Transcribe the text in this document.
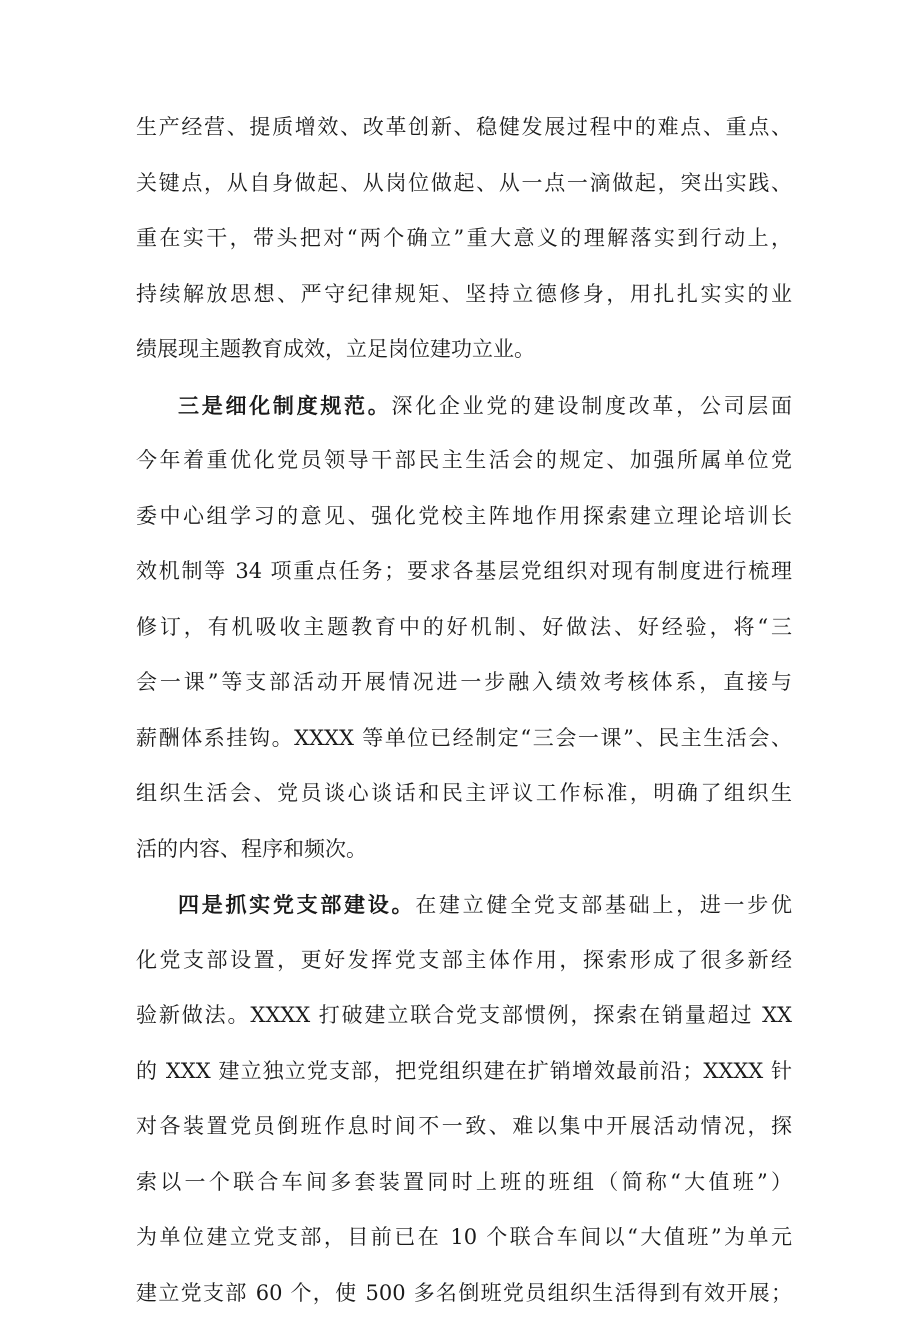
生产经营、提质增效、改革创新、稳健发展过程中的难点、重点、
关键点，从自身做起、从岗位做起、从一点一滴做起，突出实践、
重在实干，带头把对“两个确立”重大意义的理解落实到行动上，
持续解放思想、严守纪律规矩、坚持立德修身，用扎扎实实的业
绩展现主题教育成效，立足岗位建功立业。
三是细化制度规范。深化企业党的建设制度改革，公司层面
今年着重优化党员领导干部民主生活会的规定、加强所属单位党
委中心组学习的意见、强化党校主阵地作用探索建立理论培训长
效机制等 34 项重点任务；要求各基层党组织对现有制度进行梳理
修订，有机吸收主题教育中的好机制、好做法、好经验，将“三
会一课”等支部活动开展情况进一步融入绩效考核体系，直接与
薪酬体系挂钩。XXXX 等单位已经制定“三会一课”、民主生活会、
组织生活会、党员谈心谈话和民主评议工作标准，明确了组织生
活的内容、程序和频次。
四是抓实党支部建设。在建立健全党支部基础上，进一步优
化党支部设置，更好发挥党支部主体作用，探索形成了很多新经
验新做法。XXXX 打破建立联合党支部惯例，探索在销量超过 XX
的 XXX 建立独立党支部，把党组织建在扩销增效最前沿；XXXX 针
对各装置党员倒班作息时间不一致、难以集中开展活动情况，探
索以一个联合车间多套装置同时上班的班组（简称“大值班”）
为单位建立党支部，目前已在 10 个联合车间以“大值班”为单元
建立党支部 60 个，使 500 多名倒班党员组织生活得到有效开展；
